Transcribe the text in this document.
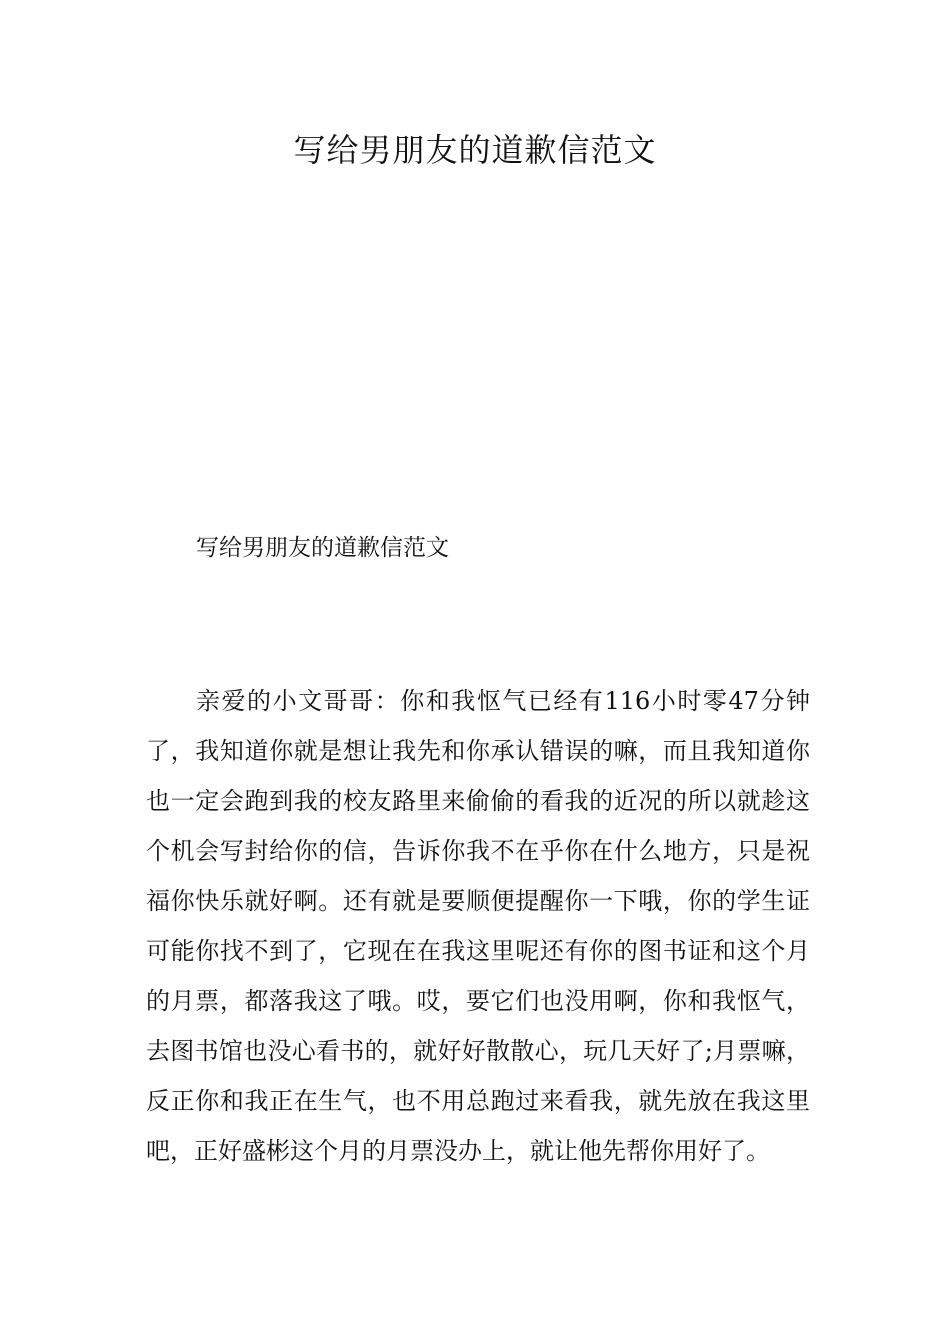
写给男朋友的道歉信范文

写给男朋友的道歉信范文

亲爱的小文哥哥：你和我怄气已经有116小时零47分钟了，我知道你就是想让我先和你承认错误的嘛，而且我知道你也一定会跑到我的校友路里来偷偷的看我的近况的所以就趁这个机会写封给你的信，告诉你我不在乎你在什么地方，只是祝福你快乐就好啊。还有就是要顺便提醒你一下哦，你的学生证可能你找不到了，它现在在我这里呢还有你的图书证和这个月的月票，都落我这了哦。哎，要它们也没用啊，你和我怄气，去图书馆也没心看书的，就好好散散心，玩几天好了;月票嘛，反正你和我正在生气，也不用总跑过来看我，就先放在我这里吧，正好盛彬这个月的月票没办上，就让他先帮你用好了。
